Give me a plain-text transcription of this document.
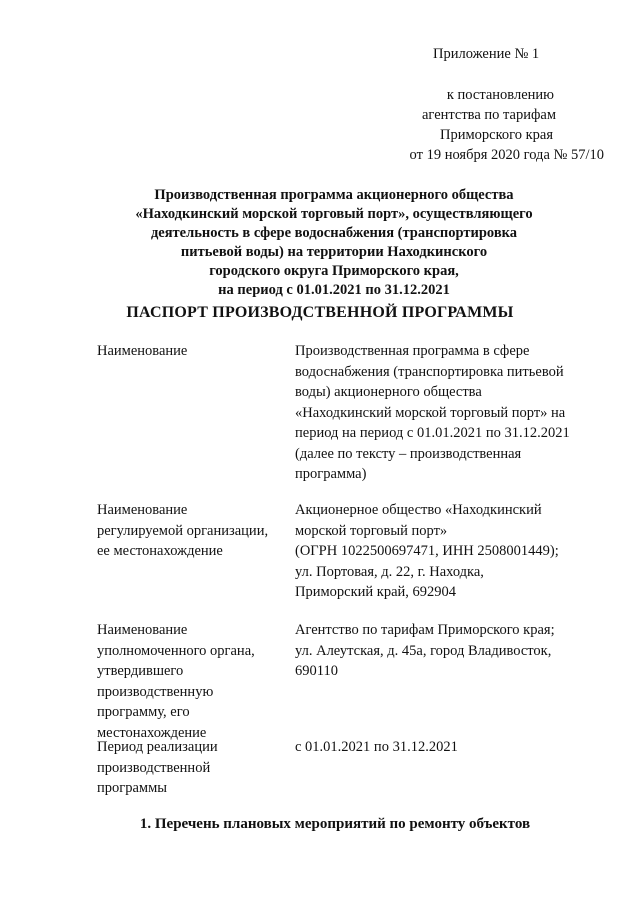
Приложение № 1
к постановлению
агентства по тарифам
Приморского края
от 19 ноября 2020 года № 57/10
Производственная программа акционерного общества
«Находкинский морской торговый порт», осуществляющего
деятельность в сфере водоснабжения (транспортировка
питьевой воды) на территории Находкинского
городского округа Приморского края,
на период с 01.01.2021 по 31.12.2021
ПАСПОРТ ПРОИЗВОДСТВЕННОЙ ПРОГРАММЫ
Наименование	Производственная программа в сфере
водоснабжения (транспортировка питьевой
воды) акционерного общества
«Находкинский морской торговый порт» на
период на период с 01.01.2021 по 31.12.2021
(далее по тексту – производственная
программа)
Наименование
регулируемой организации,
ее местонахождение
Акционерное общество «Находкинский
морской торговый порт»
(ОГРН 1022500697471, ИНН 2508001449);
ул. Портовая, д. 22, г. Находка,
Приморский край, 692904
Наименование
уполномоченного органа,
утвердившего
производственную
программу, его
местонахождение
Агентство по тарифам Приморского края;
ул. Алеутская, д. 45а, город Владивосток,
690110
Период реализации
производственной
программы
с 01.01.2021 по 31.12.2021
1. Перечень плановых мероприятий по ремонту объектов
